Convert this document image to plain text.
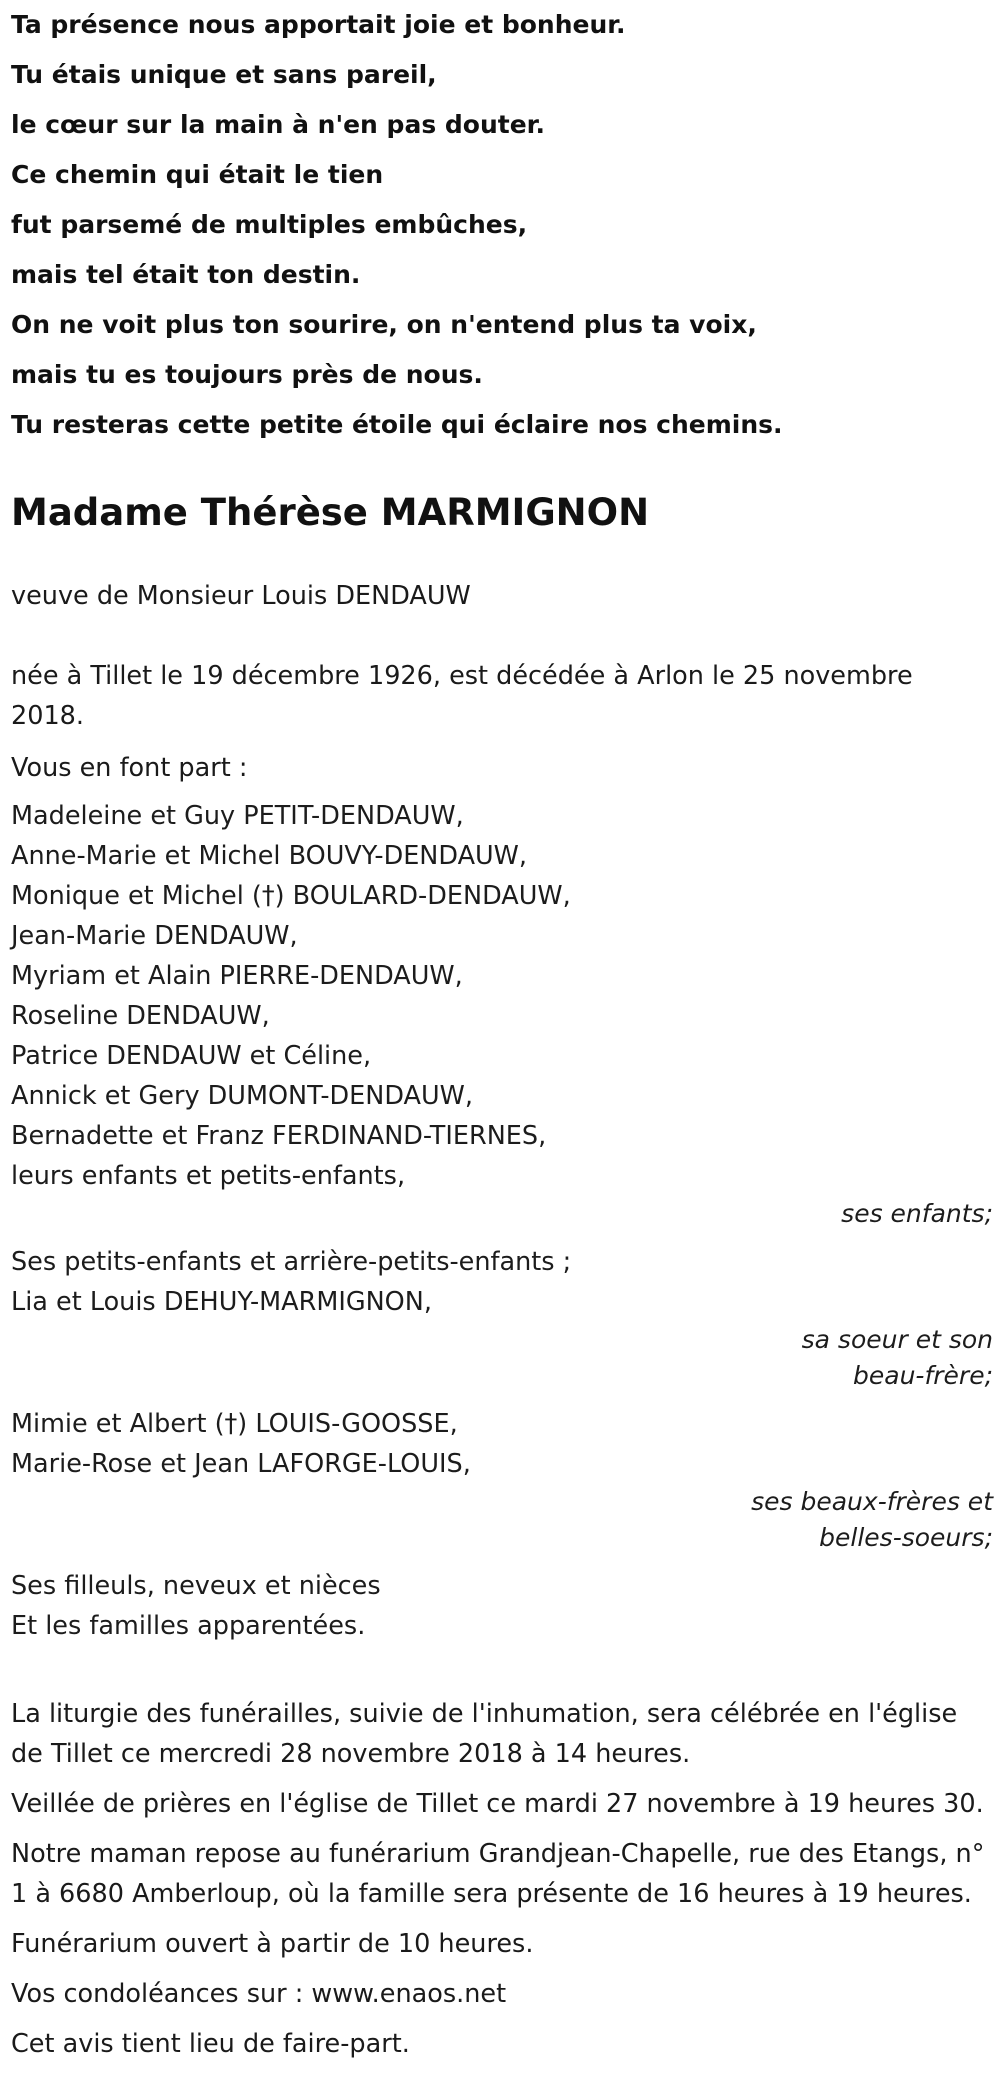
Ta présence nous apportait joie et bonheur.
Tu étais unique et sans pareil,
le cœur sur la main à n'en pas douter.
Ce chemin qui était le tien
fut parsemé de multiples embûches,
mais tel était ton destin.
On ne voit plus ton sourire, on n'entend plus ta voix,
mais tu es toujours près de nous.
Tu resteras cette petite étoile qui éclaire nos chemins.
Madame Thérèse MARMIGNON
veuve de Monsieur Louis DENDAUW
née à Tillet le 19 décembre 1926, est décédée à Arlon le 25 novembre 2018.
Vous en font part :
Madeleine et Guy PETIT-DENDAUW,
Anne-Marie et Michel BOUVY-DENDAUW,
Monique et Michel (†) BOULARD-DENDAUW,
Jean-Marie DENDAUW,
Myriam et Alain PIERRE-DENDAUW,
Roseline DENDAUW,
Patrice DENDAUW et Céline,
Annick et Gery DUMONT-DENDAUW,
Bernadette et Franz FERDINAND-TIERNES,
leurs enfants et petits-enfants,
ses enfants;
Ses petits-enfants et arrière-petits-enfants ;
Lia et Louis DEHUY-MARMIGNON,
sa soeur et son
beau-frère;
Mimie et Albert (†) LOUIS-GOOSSE,
Marie-Rose et Jean LAFORGE-LOUIS,
ses beaux-frères et
belles-soeurs;
Ses filleuls, neveux et nièces
Et les familles apparentées.
La liturgie des funérailles, suivie de l'inhumation, sera célébrée en l'église de Tillet ce mercredi 28 novembre 2018 à 14 heures.
Veillée de prières en l'église de Tillet ce mardi 27 novembre à 19 heures 30.
Notre maman repose au funérarium Grandjean-Chapelle, rue des Etangs, n° 1 à 6680 Amberloup, où la famille sera présente de 16 heures à 19 heures.
Funérarium ouvert à partir de 10 heures.
Vos condoléances sur : www.enaos.net
Cet avis tient lieu de faire-part.
